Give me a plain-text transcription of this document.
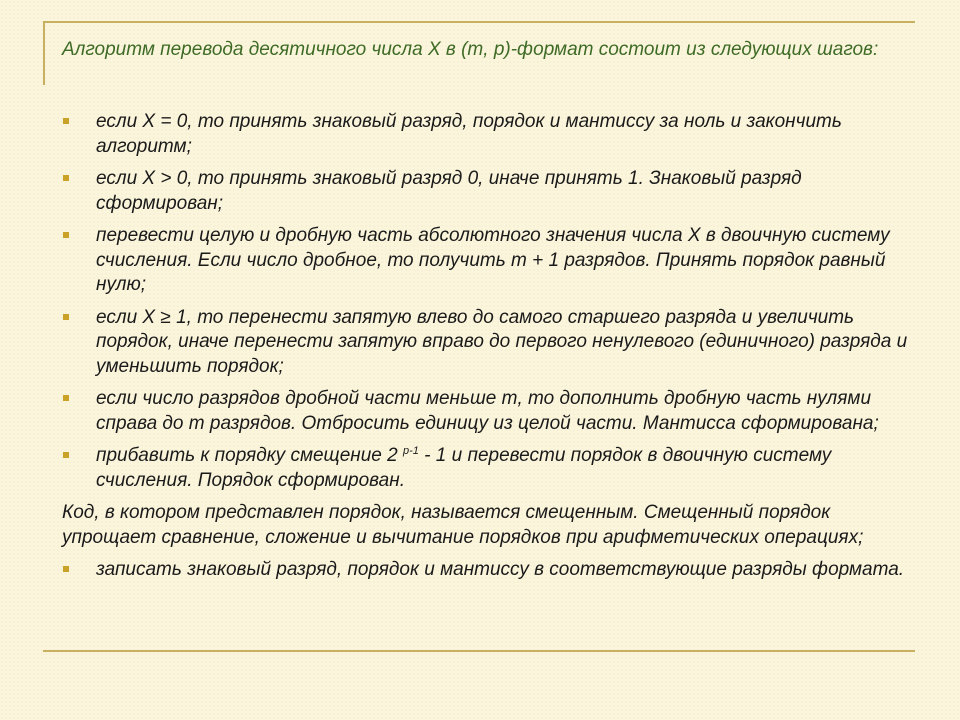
Алгоритм перевода десятичного числа X в (m, p)-формат состоит из следующих шагов:
если X = 0, то принять знаковый разряд, порядок и мантиссу за ноль и закончить алгоритм;
если X > 0, то принять знаковый разряд 0, иначе принять 1. Знаковый разряд сформирован;
перевести целую и дробную часть абсолютного значения числа X в двоичную систему счисления. Если число дробное, то получить m + 1 разрядов. Принять порядок равный нулю;
если X ≥ 1, то перенести запятую влево до самого старшего разряда и увеличить порядок, иначе перенести запятую вправо до первого ненулевого (единичного) разряда и уменьшить порядок;
если число разрядов дробной части меньше m, то дополнить дробную часть нулями справа до m разрядов. Отбросить единицу из целой части. Мантисса сформирована;
прибавить к порядку смещение 2 $^{p-1}$ - 1 и перевести порядок в двоичную систему счисления. Порядок сформирован.
Код, в котором представлен порядок, называется смещенным. Смещенный порядок упрощает сравнение, сложение и вычитание порядков при арифметических операциях;
записать знаковый разряд, порядок и мантиссу в соответствующие разряды формата.
